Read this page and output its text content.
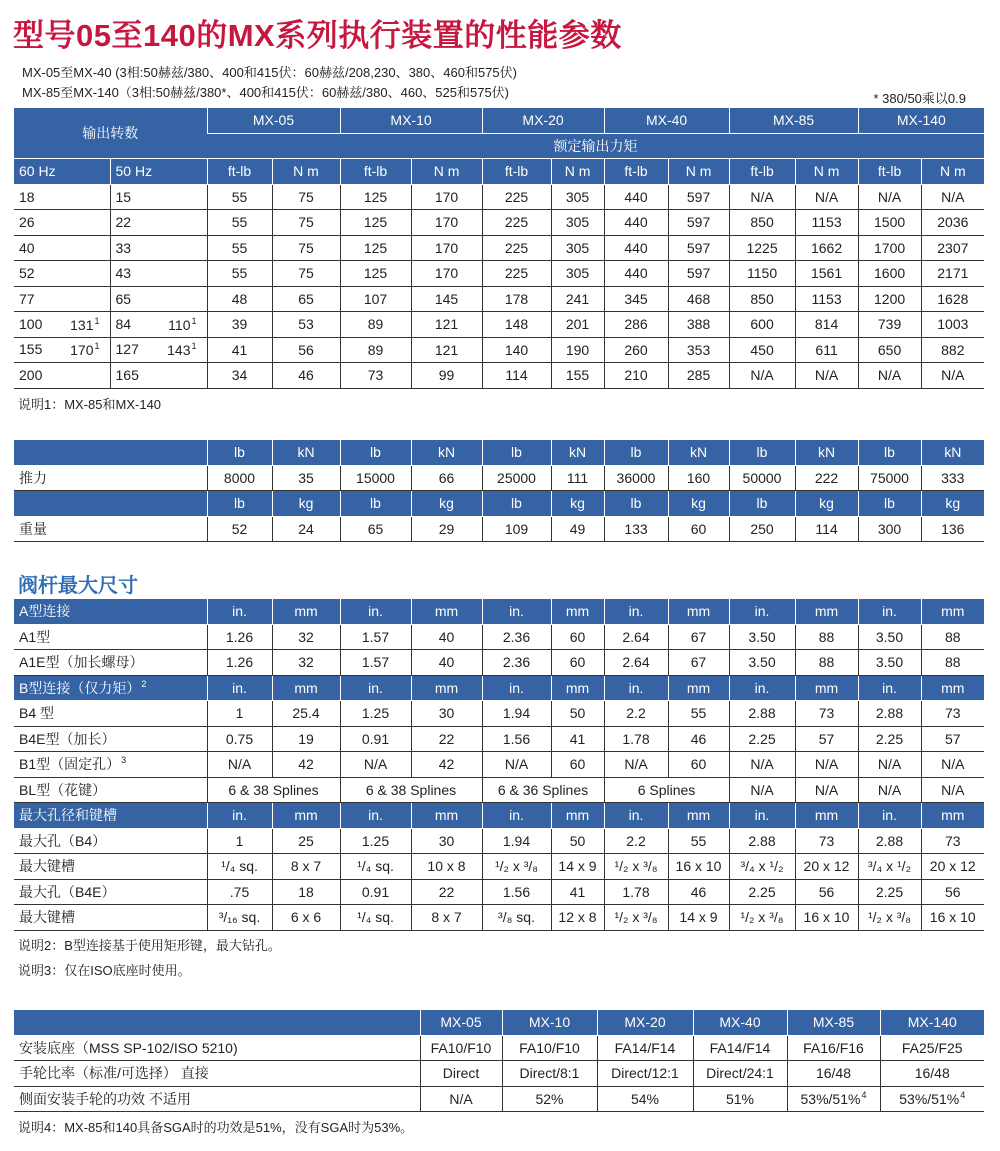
型号05至140的MX系列执行装置的性能参数
MX-05至MX-40 (3相:50赫兹/380、400和415伏：60赫兹/208,230、380、460和575伏)
MX-85至MX-140（3相:50赫兹/380*、400和415伏：60赫兹/380、460、525和575伏)	* 380/50乘以0.9
输出转数		MX-05		MX-10		MX-20		MX-40		MX-85		MX-140	
		额定输出力矩											
60 Hz	50 Hz	ft-lb	N m	ft-lb	N m	ft-lb	N m	ft-lb	N m	ft-lb	N m	ft-lb	N m
18	15	55	75	125	170	225	305	440	597	N/A	N/A	N/A	N/A
26	22	55	75	125	170	225	305	440	597	850	1153	1500	2036
40	33	55	75	125	170	225	305	440	597	1225	1662	1700	2307
52	43	55	75	125	170	225	305	440	597	1150	1561	1600	2171
77	65	48	65	107	145	178	241	345	468	850	1153	1200	1628
100 $131^1$	84 $110^1$	39	53	89	121	148	201	286	388	600	814	739	1003
155 $170^1$	127 $143^1$	41	56	89	121	140	190	260	353	450	611	650	882
200	165	34	46	73	99	114	155	210	285	N/A	N/A	N/A	N/A
说明1：MX-85和MX-140
	lb	kN	lb	kN	lb	kN	lb	kN	lb	kN	lb	kN
推力	8000	35	15000	66	25000	111	36000	160	50000	222	75000	333
	lb	kg	lb	kg	lb	kg	lb	kg	lb	kg	lb	kg
重量	52	24	65	29	109	49	133	60	250	114	300	136
阀杆最大尺寸
A型连接	in.	mm	in.	mm	in.	mm	in.	mm	in.	mm	in.	mm
A1型	1.26	32	1.57	40	2.36	60	2.64	67	3.50	88	3.50	88
A1E型（加长螺母）	1.26	32	1.57	40	2.36	60	2.64	67	3.50	88	3.50	88
B型连接（仅力矩）$^2$	in.	mm	in.	mm	in.	mm	in.	mm	in.	mm	in.	mm
B4 型	1	25.4	1.25	30	1.94	50	2.2	55	2.88	73	2.88	73
B4E型（加长）	0.75	19	0.91	22	1.56	41	1.78	46	2.25	57	2.25	57
B1型（固定孔）$^3$	N/A	42	N/A	42	N/A	60	N/A	60	N/A	N/A	N/A	N/A
BL型（花键）	6 & 38 Splines		6 & 38 Splines		6 & 36 Splines		6 Splines		N/A	N/A	N/A	N/A
最大孔径和键槽	in.	mm	in.	mm	in.	mm	in.	mm	in.	mm	in.	mm
最大孔（B4）	1	25	1.25	30	1.94	50	2.2	55	2.88	73	2.88	73
最大键槽	¹/₄ sq.	8 x 7	¹/₄ sq.	10 x 8	¹/₂ x ³/₈	14 x 9	¹/₂ x ³/₈	16 x 10	³/₄ x ¹/₂	20 x 12	³/₄ x ¹/₂	20 x 12
最大孔（B4E）	.75	18	0.91	22	1.56	41	1.78	46	2.25	56	2.25	56
最大键槽	³/₁₆ sq.	6 x 6	¹/₄ sq.	8 x 7	³/₈ sq.	12 x 8	¹/₂ x ³/₈	14 x 9	¹/₂ x ³/₈	16 x 10	¹/₂ x ³/₈	16 x 10
说明2：B型连接基于使用矩形键，最大钻孔。
说明3：仅在ISO底座时使用。
	MX-05	MX-10	MX-20	MX-40	MX-85	MX-140
安装底座（MSS SP-102/ISO 5210)	FA10/F10	FA10/F10	FA14/F14	FA14/F14	FA16/F16	FA25/F25
手轮比率（标准/可选择） 直接	Direct	Direct/8:1	Direct/12:1	Direct/24:1	16/48	16/48
侧面安装手轮的功效 不适用	N/A	52%	54%	51%	53%/51%$^4$	53%/51%$^4$
说明4：MX-85和140具备SGA时的功效是51%，没有SGA时为53%。
